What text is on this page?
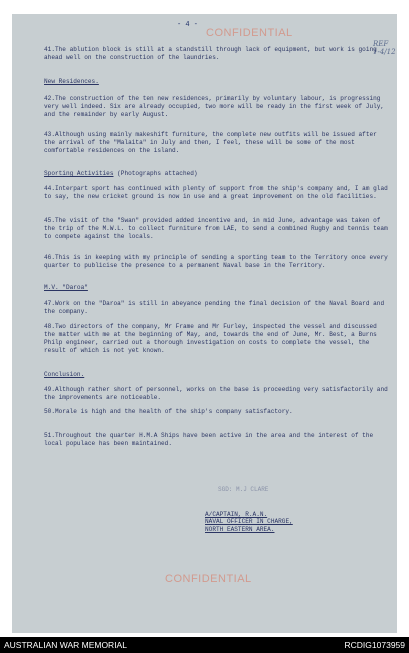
- 4 -
CONFIDENTIAL
REF
1-4/12
41.The ablution block is still at a standstill through lack of equipment, but work is going ahead well on the construction of the laundries.
New Residences.
42.The construction of the ten new residences, primarily by voluntary labour, is progressing very well indeed. Six are already occupied, two more will be ready in the first week of July, and the remainder by early August.
43.Although using mainly makeshift furniture, the complete new outfits will be issued after the arrival of the "Malaita" in July and then, I feel, these will be some of the most comfortable residences on the island.
Sporting Activities (Photographs attached)
44.Interpart sport has continued with plenty of support from the ship's company and, I am glad to say, the new cricket ground is now in use and a great improvement on the old facilities.
45.The visit of the "Swan" provided added incentive and, in mid June, advantage was taken of the trip of the M.W.L. to collect furniture from LAE, to send a combined Rugby and tennis team to compete against the locals.
46.This is in keeping with my principle of sending a sporting team to the Territory once every quarter to publicise the presence to a permanent Naval base in the Territory.
M.V. "Daroa"
47.Work on the "Daroa" is still in abeyance pending the final decision of the Naval Board and the company.
48.Two directors of the company, Mr Frame and Mr Furley, inspected the vessel and discussed the matter with me at the beginning of May, and, towards the end of June, Mr. Best, a Burns Philp engineer, carried out a thorough investigation on costs to complete the vessel, the result of which is not yet known.
Conclusion.
49.Although rather short of personnel, works on the base is proceeding very satisfactorily and the improvements are noticeable.
50.Morale is high and the health of the ship's company satisfactory.
51.Throughout the quarter H.M.A Ships have been active in the area and the interest of the local populace has been maintained.
SGD: M.J CLARE
A/CAPTAIN, R.A.N.
NAVAL OFFICER IN CHARGE,
NORTH EASTERN AREA.
CONFIDENTIAL
AUSTRALIAN WAR MEMORIAL	RCDIG1073959
